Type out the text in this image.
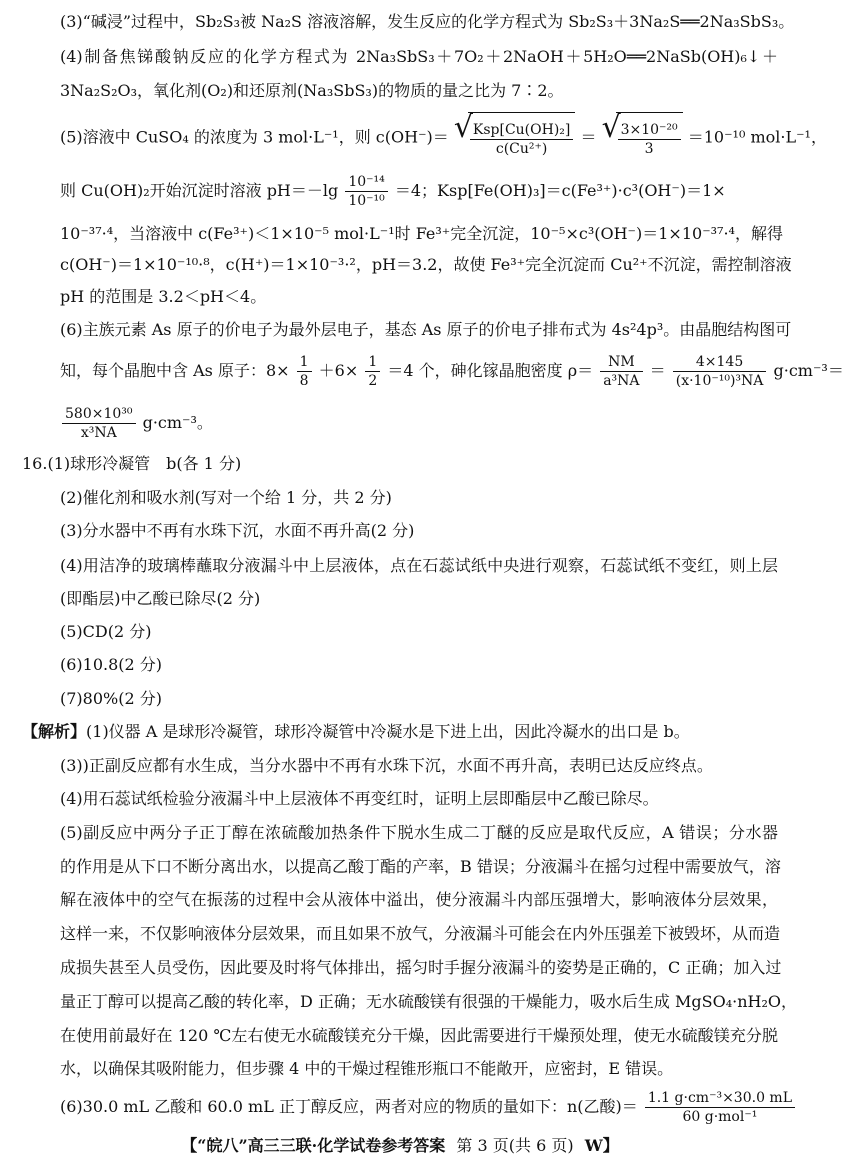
(3)“碱浸”过程中，Sb₂S₃被 Na₂S 溶液溶解，发生反应的化学方程式为 Sb₂S₃＋3Na₂S══2Na₃SbS₃。
(4)制备焦锑酸钠反应的化学方程式为 2Na₃SbS₃＋7O₂＋2NaOH＋5H₂O══2NaSb(OH)₆↓＋
3Na₂S₂O₃，氧化剂(O₂)和还原剂(Na₃SbS₃)的物质的量之比为 7∶2。
(5)溶液中 CuSO₄ 的浓度为 3 mol·L⁻¹，则 c(OH⁻)＝ √
$\frac{\text{Ksp[Cu(OH)₂]}}{\text{c(Cu²⁺)}}$ ＝ √
$\frac{\text{3×10⁻²⁰}}{3} =10^{-10}$ mol·L⁻¹，
则 Cu(OH)₂开始沉淀时溶液 $pH=-\lg \frac{\text{10⁻¹⁴}}{\text{10⁻¹⁰}} =4$；Ksp[Fe(OH)₃]＝c(Fe³⁺)·c³(OH⁻)＝1×
10⁻³⁷·⁴，当溶液中 c(Fe³⁺)＜1×10⁻⁵ mol·L⁻¹时 Fe³⁺完全沉淀，10⁻⁵×c³(OH⁻)＝1×10⁻³⁷·⁴，解得
c(OH⁻)＝1×10⁻¹⁰·⁸，c(H⁺)＝1×10⁻³·²，pH＝3.2，故使 Fe³⁺完全沉淀而 Cu²⁺不沉淀，需控制溶液
pH 的范围是 3.2＜pH＜4。
(6)主族元素 As 原子的价电子为最外层电子，基态 As 原子的价电子排布式为 4s²4p³。由晶胞结构图可
知，每个晶胞中含 As 原子：$8\times \frac{1}{8} +6\times \frac{1}{2} =4$ 个，砷化镓晶胞密度 $\rho= \frac{NM}{\text{a³NA}} = \frac{4\times 145}{\text{(x·10⁻¹⁰)³NA}} g\cdot cm^{-3}=$
$\frac{\text{580×10³⁰}}{\text{x³NA}} g\cdot cm^{-3}$。
16.(1)球形冷凝管　b(各 1 分)
(2)催化剂和吸水剂(写对一个给 1 分，共 2 分)
(3)分水器中不再有水珠下沉，水面不再升高(2 分)
(4)用洁净的玻璃棒蘸取分液漏斗中上层液体，点在石蕊试纸中央进行观察，石蕊试纸不变红，则上层
(即酯层)中乙酸已除尽(2 分)
(5)CD(2 分)
(6)10.8(2 分)
(7)80%(2 分)
【解析】(1)仪器 A 是球形冷凝管，球形冷凝管中冷凝水是下进上出，因此冷凝水的出口是 b。
(3))正副反应都有水生成，当分水器中不再有水珠下沉，水面不再升高，表明已达反应终点。
(4)用石蕊试纸检验分液漏斗中上层液体不再变红时，证明上层即酯层中乙酸已除尽。
(5)副反应中两分子正丁醇在浓硫酸加热条件下脱水生成二丁醚的反应是取代反应，A 错误；分水器
的作用是从下口不断分离出水，以提高乙酸丁酯的产率，B 错误；分液漏斗在摇匀过程中需要放气，溶
解在液体中的空气在振荡的过程中会从液体中溢出，使分液漏斗内部压强增大，影响液体分层效果，
这样一来，不仅影响液体分层效果，而且如果不放气，分液漏斗可能会在内外压强差下被毁坏，从而造
成损失甚至人员受伤，因此要及时将气体排出，摇匀时手握分液漏斗的姿势是正确的，C 正确；加入过
量正丁醇可以提高乙酸的转化率，D 正确；无水硫酸镁有很强的干燥能力，吸水后生成 MgSO₄·nH₂O，
在使用前最好在 120 ℃左右使无水硫酸镁充分干燥，因此需要进行干燥预处理，使无水硫酸镁充分脱
水，以确保其吸附能力，但步骤 4 中的干燥过程锥形瓶口不能敞开，应密封，E 错误。
(6)30.0 mL 乙酸和 60.0 mL 正丁醇反应，两者对应的物质的量如下：n(乙酸)＝ $\frac{\text{1.1 g·cm⁻³×30.0 mL}}{\text{60 g·mol⁻¹}}$
【“皖八”高三三联·化学试卷参考答案 第 3 页(共 6 页) W】
